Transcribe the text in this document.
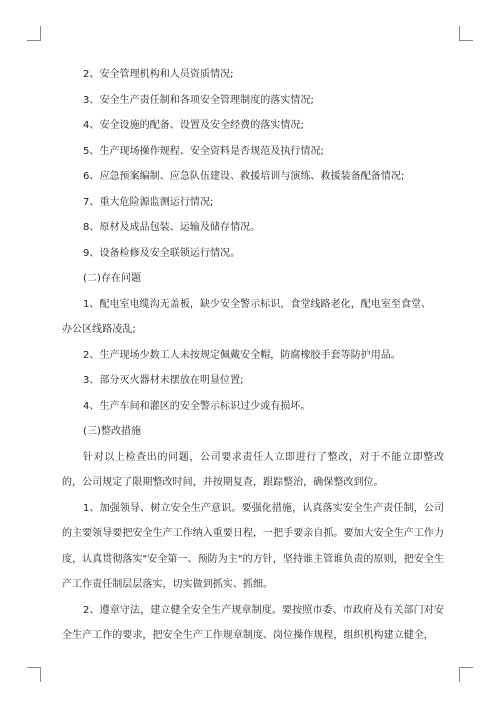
2、安全管理机构和人员资质情况;

3、安全生产责任制和各项安全管理制度的落实情况;

4、安全设施的配备、设置及安全经费的落实情况;

5、生产现场操作规程、安全资料是否规范及执行情况;

6、应急预案编制、应急队伍建设、救援培训与演练、救援装备配备情况;

7、重大危险源监测运行情况;

8、原材及成品包装、运输及储存情况。

9、设备检修及安全联锁运行情况。

(二)存在问题

1、配电室电缆沟无盖板，缺少安全警示标识，食堂线路老化，配电室至食堂、

办公区线路凌乱;

2、生产现场少数工人未按规定佩戴安全帽，防腐橡胶手套等防护用品。

3、部分灭火器材未摆放在明显位置;

4、生产车间和灌区的安全警示标识过少或有损坏。

(三)整改措施

针对以上检查出的问题，公司要求责任人立即进行了整改，对于不能立即整改的，公司规定了限期整改时间，并按期复查，跟踪整治，确保整改到位。

1、加强领导、树立安全生产意识。要强化措施，认真落实安全生产责任制，公司的主要领导要把安全生产工作纳入重要日程，一把手要亲自抓。要加大安全生产工作力度，认真贯彻落实"安全第一、预防为主"的方针，坚持谁主管谁负责的原则，把安全生产工作责任制层层落实，切实做到抓实、抓细。

2、遵章守法，建立健全安全生产规章制度。要按照市委、市政府及有关部门对安全生产工作的要求，把安全生产工作规章制度、岗位操作规程，组织机构建立健全，
